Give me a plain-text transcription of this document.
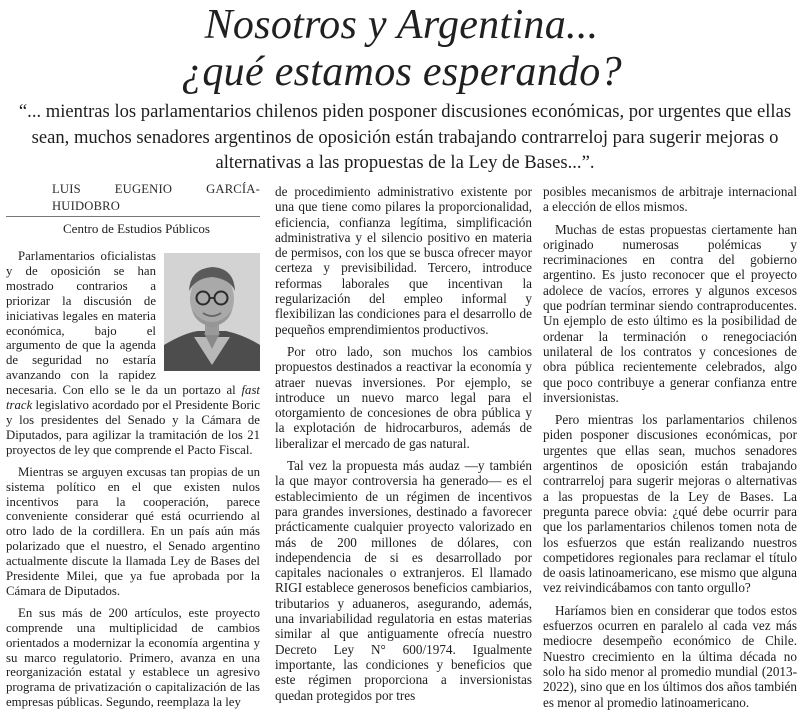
Nosotros y Argentina...
¿qué estamos esperando?
“... mientras los parlamentarios chilenos piden posponer discusiones económicas, por urgentes que ellas sean, muchos senadores argentinos de oposición están trabajando contrarreloj para sugerir mejoras o alternativas a las propuestas de la Ley de Bases...”.
LUIS EUGENIO GARCÍA-HUIDOBRO
Centro de Estudios Públicos

Parlamentarios oficialistas y de oposición se han mostrado contrarios a priorizar la discusión de iniciativas legales en materia económica, bajo el argumento de que la agenda de seguridad no estaría avanzando con la rapidez necesaria. Con ello se le da un portazo al fast track legislativo acordado por el Presidente Boric y los presidentes del Senado y la Cámara de Diputados, para agilizar la tramitación de los 21 proyectos de ley que comprende el Pacto Fiscal.

Mientras se arguyen excusas tan propias de un sistema político en el que existen nulos incentivos para la cooperación, parece conveniente considerar qué está ocurriendo al otro lado de la cordillera. En un país aún más polarizado que el nuestro, el Senado argentino actualmente discute la llamada Ley de Bases del Presidente Milei, que ya fue aprobada por la Cámara de Diputados.

En sus más de 200 artículos, este proyecto comprende una multiplicidad de cambios orientados a modernizar la economía argentina y su marco regulatorio. Primero, avanza en una reorganización estatal y establece un agresivo programa de privatización o capitalización de las empresas públicas. Segundo, reemplaza la ley

de procedimiento administrativo existente por una que tiene como pilares la proporcionalidad, eficiencia, confianza legítima, simplificación administrativa y el silencio positivo en materia de permisos, con los que se busca ofrecer mayor certeza y previsibilidad. Tercero, introduce reformas laborales que incentivan la regularización del empleo informal y flexibilizan las condiciones para el desarrollo de pequeños emprendimientos productivos.

Por otro lado, son muchos los cambios propuestos destinados a reactivar la economía y atraer nuevas inversiones. Por ejemplo, se introduce un nuevo marco legal para el otorgamiento de concesiones de obra pública y la explotación de hidrocarburos, además de liberalizar el mercado de gas natural.

Tal vez la propuesta más audaz —y también la que mayor controversia ha generado— es el establecimiento de un régimen de incentivos para grandes inversiones, destinado a favorecer prácticamente cualquier proyecto valorizado en más de 200 millones de dólares, con independencia de si es desarrollado por capitales nacionales o extranjeros. El llamado RIGI establece generosos beneficios cambiarios, tributarios y aduaneros, asegurando, además, una invariabilidad regulatoria en estas materias similar al que antiguamente ofrecía nuestro Decreto Ley N° 600/1974. Igualmente importante, las condiciones y beneficios que este régimen proporciona a inversionistas quedan protegidos por tres

posibles mecanismos de arbitraje internacional a elección de ellos mismos.

Muchas de estas propuestas ciertamente han originado numerosas polémicas y recriminaciones en contra del gobierno argentino. Es justo reconocer que el proyecto adolece de vacíos, errores y algunos excesos que podrían terminar siendo contraproducentes. Un ejemplo de esto último es la posibilidad de ordenar la terminación o renegociación unilateral de los contratos y concesiones de obra pública recientemente celebrados, algo que poco contribuye a generar confianza entre inversionistas.

Pero mientras los parlamentarios chilenos piden posponer discusiones económicas, por urgentes que ellas sean, muchos senadores argentinos de oposición están trabajando contrarreloj para sugerir mejoras o alternativas a las propuestas de la Ley de Bases. La pregunta parece obvia: ¿qué debe ocurrir para que los parlamentarios chilenos tomen nota de los esfuerzos que están realizando nuestros competidores regionales para reclamar el título de oasis latinoamericano, ese mismo que alguna vez reivindicábamos con tanto orgullo?

Haríamos bien en considerar que todos estos esfuerzos ocurren en paralelo al cada vez más mediocre desempeño económico de Chile. Nuestro crecimiento en la última década no solo ha sido menor al promedio mundial (2013-2022), sino que en los últimos dos años también es menor al promedio latinoamericano.
